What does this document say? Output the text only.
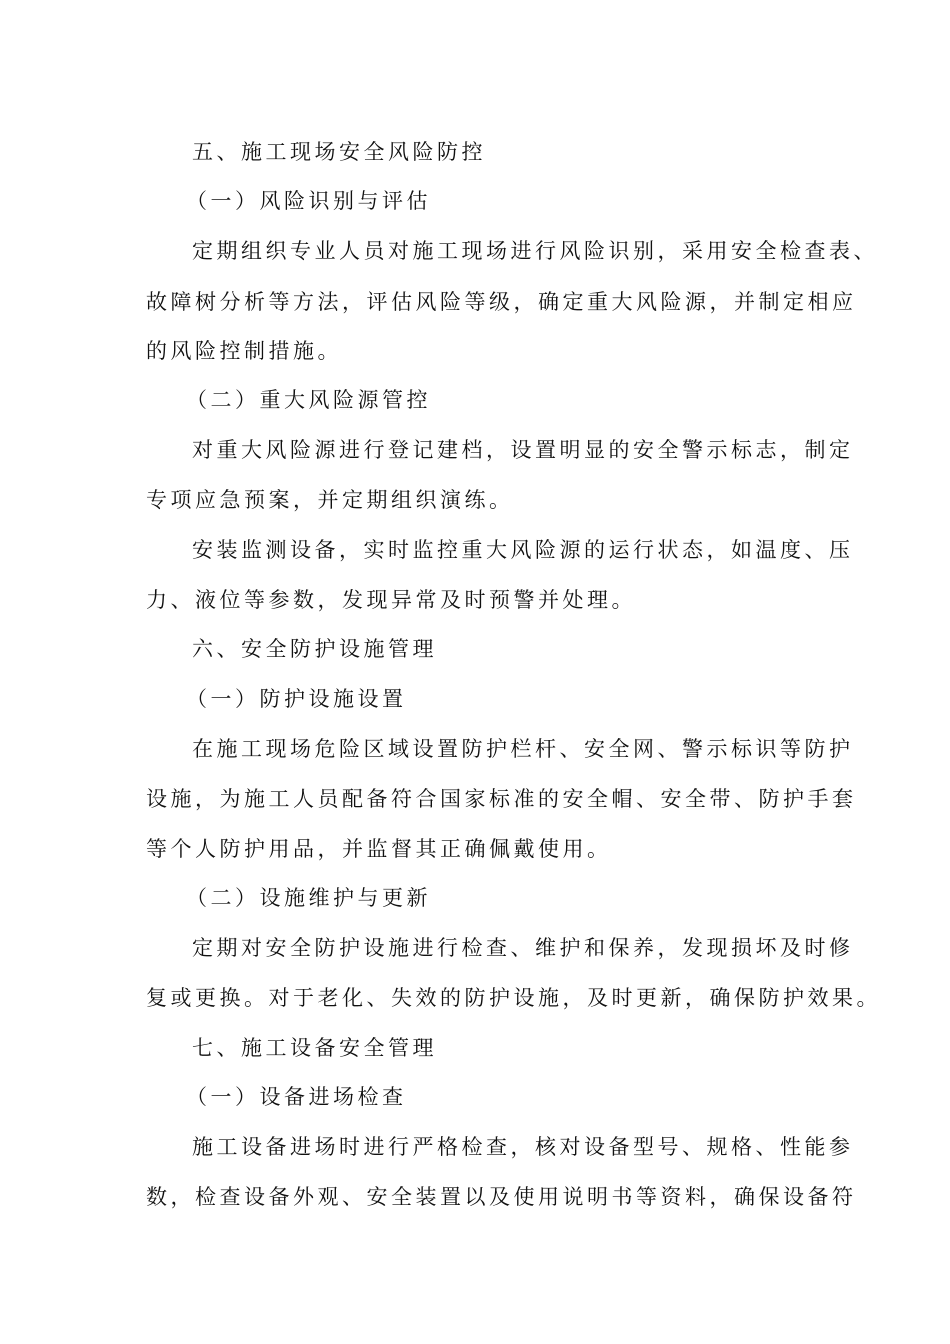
五、施工现场安全风险防控
（一）风险识别与评估
定期组织专业人员对施工现场进行风险识别，采用安全检查表、
故障树分析等方法，评估风险等级，确定重大风险源，并制定相应
的风险控制措施。
（二）重大风险源管控
对重大风险源进行登记建档，设置明显的安全警示标志，制定
专项应急预案，并定期组织演练。
安装监测设备，实时监控重大风险源的运行状态，如温度、压
力、液位等参数，发现异常及时预警并处理。
六、安全防护设施管理
（一）防护设施设置
在施工现场危险区域设置防护栏杆、安全网、警示标识等防护
设施，为施工人员配备符合国家标准的安全帽、安全带、防护手套
等个人防护用品，并监督其正确佩戴使用。
（二）设施维护与更新
定期对安全防护设施进行检查、维护和保养，发现损坏及时修
复或更换。对于老化、失效的防护设施，及时更新，确保防护效果。
七、施工设备安全管理
（一）设备进场检查
施工设备进场时进行严格检查，核对设备型号、规格、性能参
数，检查设备外观、安全装置以及使用说明书等资料，确保设备符
